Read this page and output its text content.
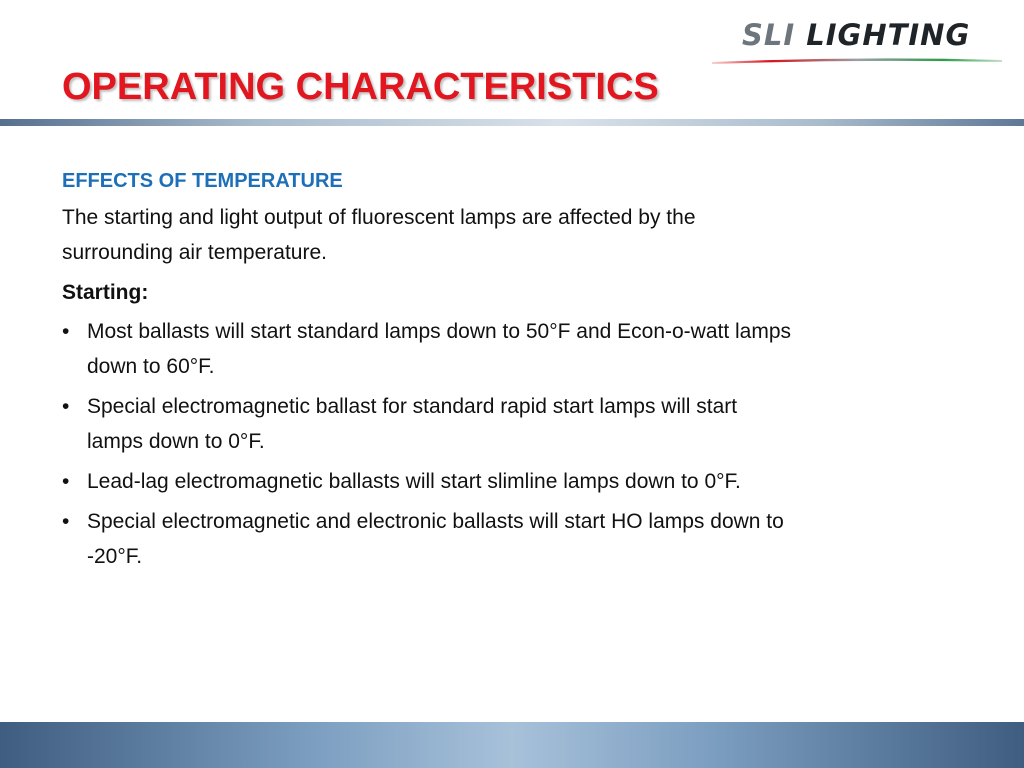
SLI LIGHTING
OPERATING CHARACTERISTICS
EFFECTS OF TEMPERATURE
The starting and light output of fluorescent lamps are affected by the
surrounding air temperature.
Starting:
• Most ballasts will start standard lamps down to 50°F and Econ-o-watt lamps
down to 60°F.
• Special electromagnetic ballast for standard rapid start lamps will start
lamps down to 0°F.
• Lead-lag electromagnetic ballasts will start slimline lamps down to 0°F.
• Special electromagnetic and electronic ballasts will start HO lamps down to
-20°F.
